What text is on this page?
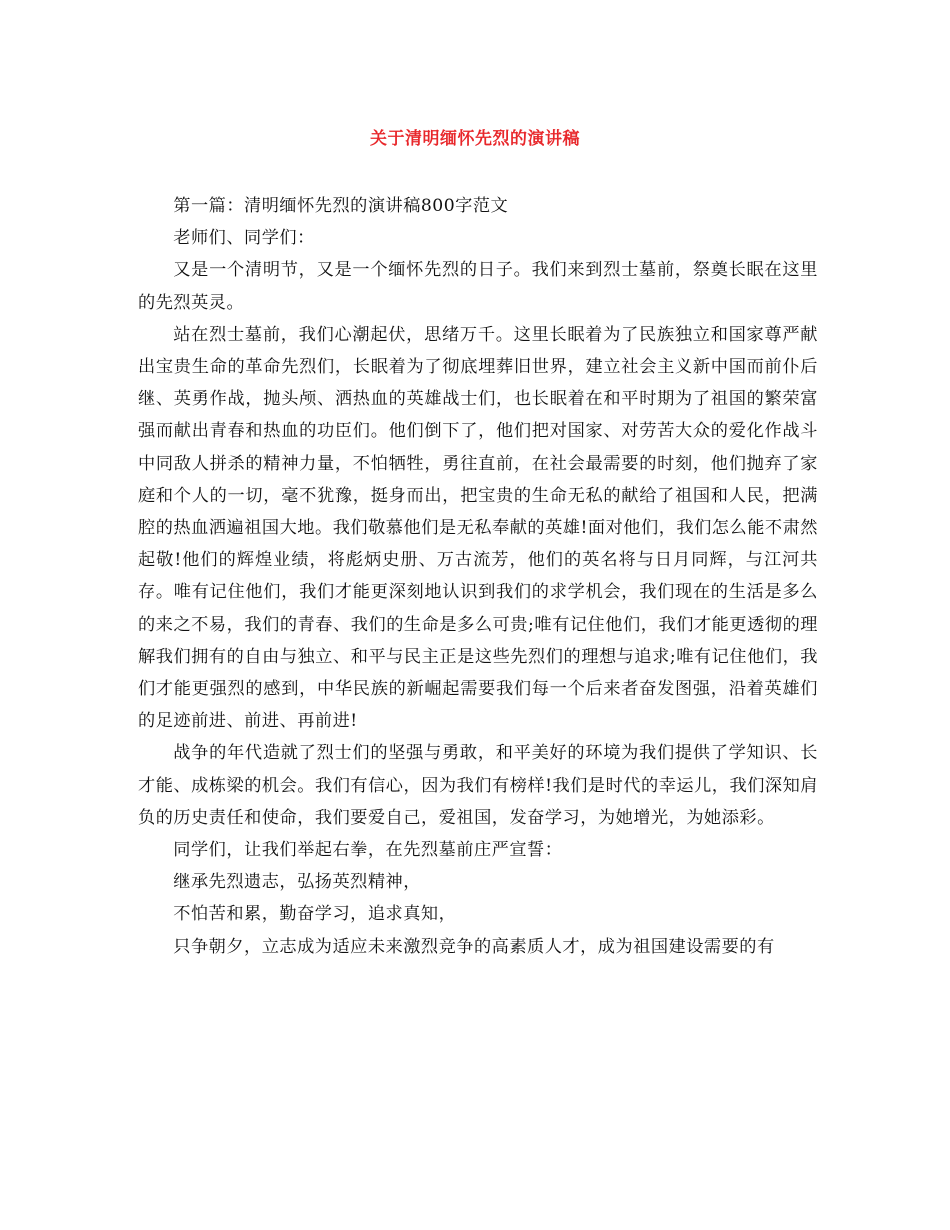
关于清明缅怀先烈的演讲稿

第一篇：清明缅怀先烈的演讲稿800字范文

老师们、同学们：

又是一个清明节，又是一个缅怀先烈的日子。我们来到烈士墓前，祭奠长眠在这里的先烈英灵。

站在烈士墓前，我们心潮起伏，思绪万千。这里长眠着为了民族独立和国家尊严献出宝贵生命的革命先烈们，长眠着为了彻底埋葬旧世界，建立社会主义新中国而前仆后继、英勇作战，抛头颅、洒热血的英雄战士们，也长眠着在和平时期为了祖国的繁荣富强而献出青春和热血的功臣们。他们倒下了，他们把对国家、对劳苦大众的爱化作战斗中同敌人拼杀的精神力量，不怕牺牲，勇往直前，在社会最需要的时刻，他们抛弃了家庭和个人的一切，毫不犹豫，挺身而出，把宝贵的生命无私的献给了祖国和人民，把满腔的热血洒遍祖国大地。我们敬慕他们是无私奉献的英雄!面对他们，我们怎么能不肃然起敬!他们的辉煌业绩，将彪炳史册、万古流芳，他们的英名将与日月同辉，与江河共存。唯有记住他们，我们才能更深刻地认识到我们的求学机会，我们现在的生活是多么的来之不易，我们的青春、我们的生命是多么可贵;唯有记住他们，我们才能更透彻的理解我们拥有的自由与独立、和平与民主正是这些先烈们的理想与追求;唯有记住他们，我们才能更强烈的感到，中华民族的新崛起需要我们每一个后来者奋发图强，沿着英雄们的足迹前进、前进、再前进!

战争的年代造就了烈士们的坚强与勇敢，和平美好的环境为我们提供了学知识、长才能、成栋梁的机会。我们有信心，因为我们有榜样!我们是时代的幸运儿，我们深知肩负的历史责任和使命，我们要爱自己，爱祖国，发奋学习，为她增光，为她添彩。

同学们，让我们举起右拳，在先烈墓前庄严宣誓：

继承先烈遗志，弘扬英烈精神，

不怕苦和累，勤奋学习，追求真知，

只争朝夕，立志成为适应未来激烈竞争的高素质人才，成为祖国建设需要的有
